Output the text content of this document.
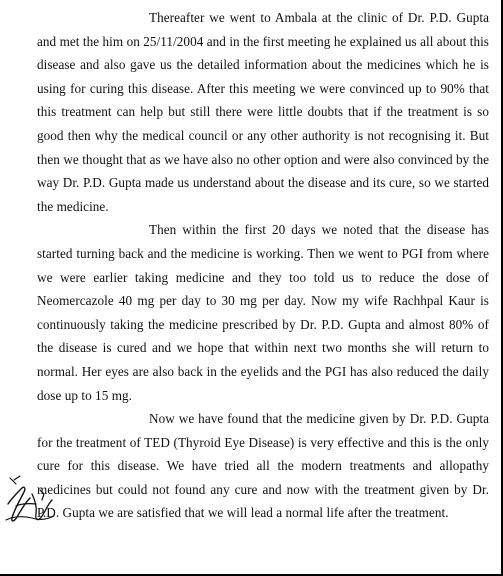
Thereafter we went to Ambala at the clinic of Dr. P.D. Gupta and met the him on 25/11/2004 and in the first meeting he explained us all about this disease and also gave us the detailed information about the medicines which he is using for curing this disease. After this meeting we were convinced up to 90% that this treatment can help but still there were little doubts that if the treatment is so good then why the medical council or any other authority is not recognising it. But then we thought that as we have also no other option and were also convinced by the way Dr. P.D. Gupta made us understand about the disease and its cure, so we started the medicine.

Then within the first 20 days we noted that the disease has started turning back and the medicine is working. Then we went to PGI from where we were earlier taking medicine and they too told us to reduce the dose of Neomercazole 40 mg per day to 30 mg per day. Now my wife Rachhpal Kaur is continuously taking the medicine prescribed by Dr. P.D. Gupta and almost 80% of the disease is cured and we hope that within next two months she will return to normal. Her eyes are also back in the eyelids and the PGI has also reduced the daily dose up to 15 mg.

Now we have found that the medicine given by Dr. P.D. Gupta for the treatment of TED (Thyroid Eye Disease) is very effective and this is the only cure for this disease. We have tried all the modern treatments and allopathy medicines but could not found any cure and now with the treatment given by Dr. P.D. Gupta we are satisfied that we will lead a normal life after the treatment.
